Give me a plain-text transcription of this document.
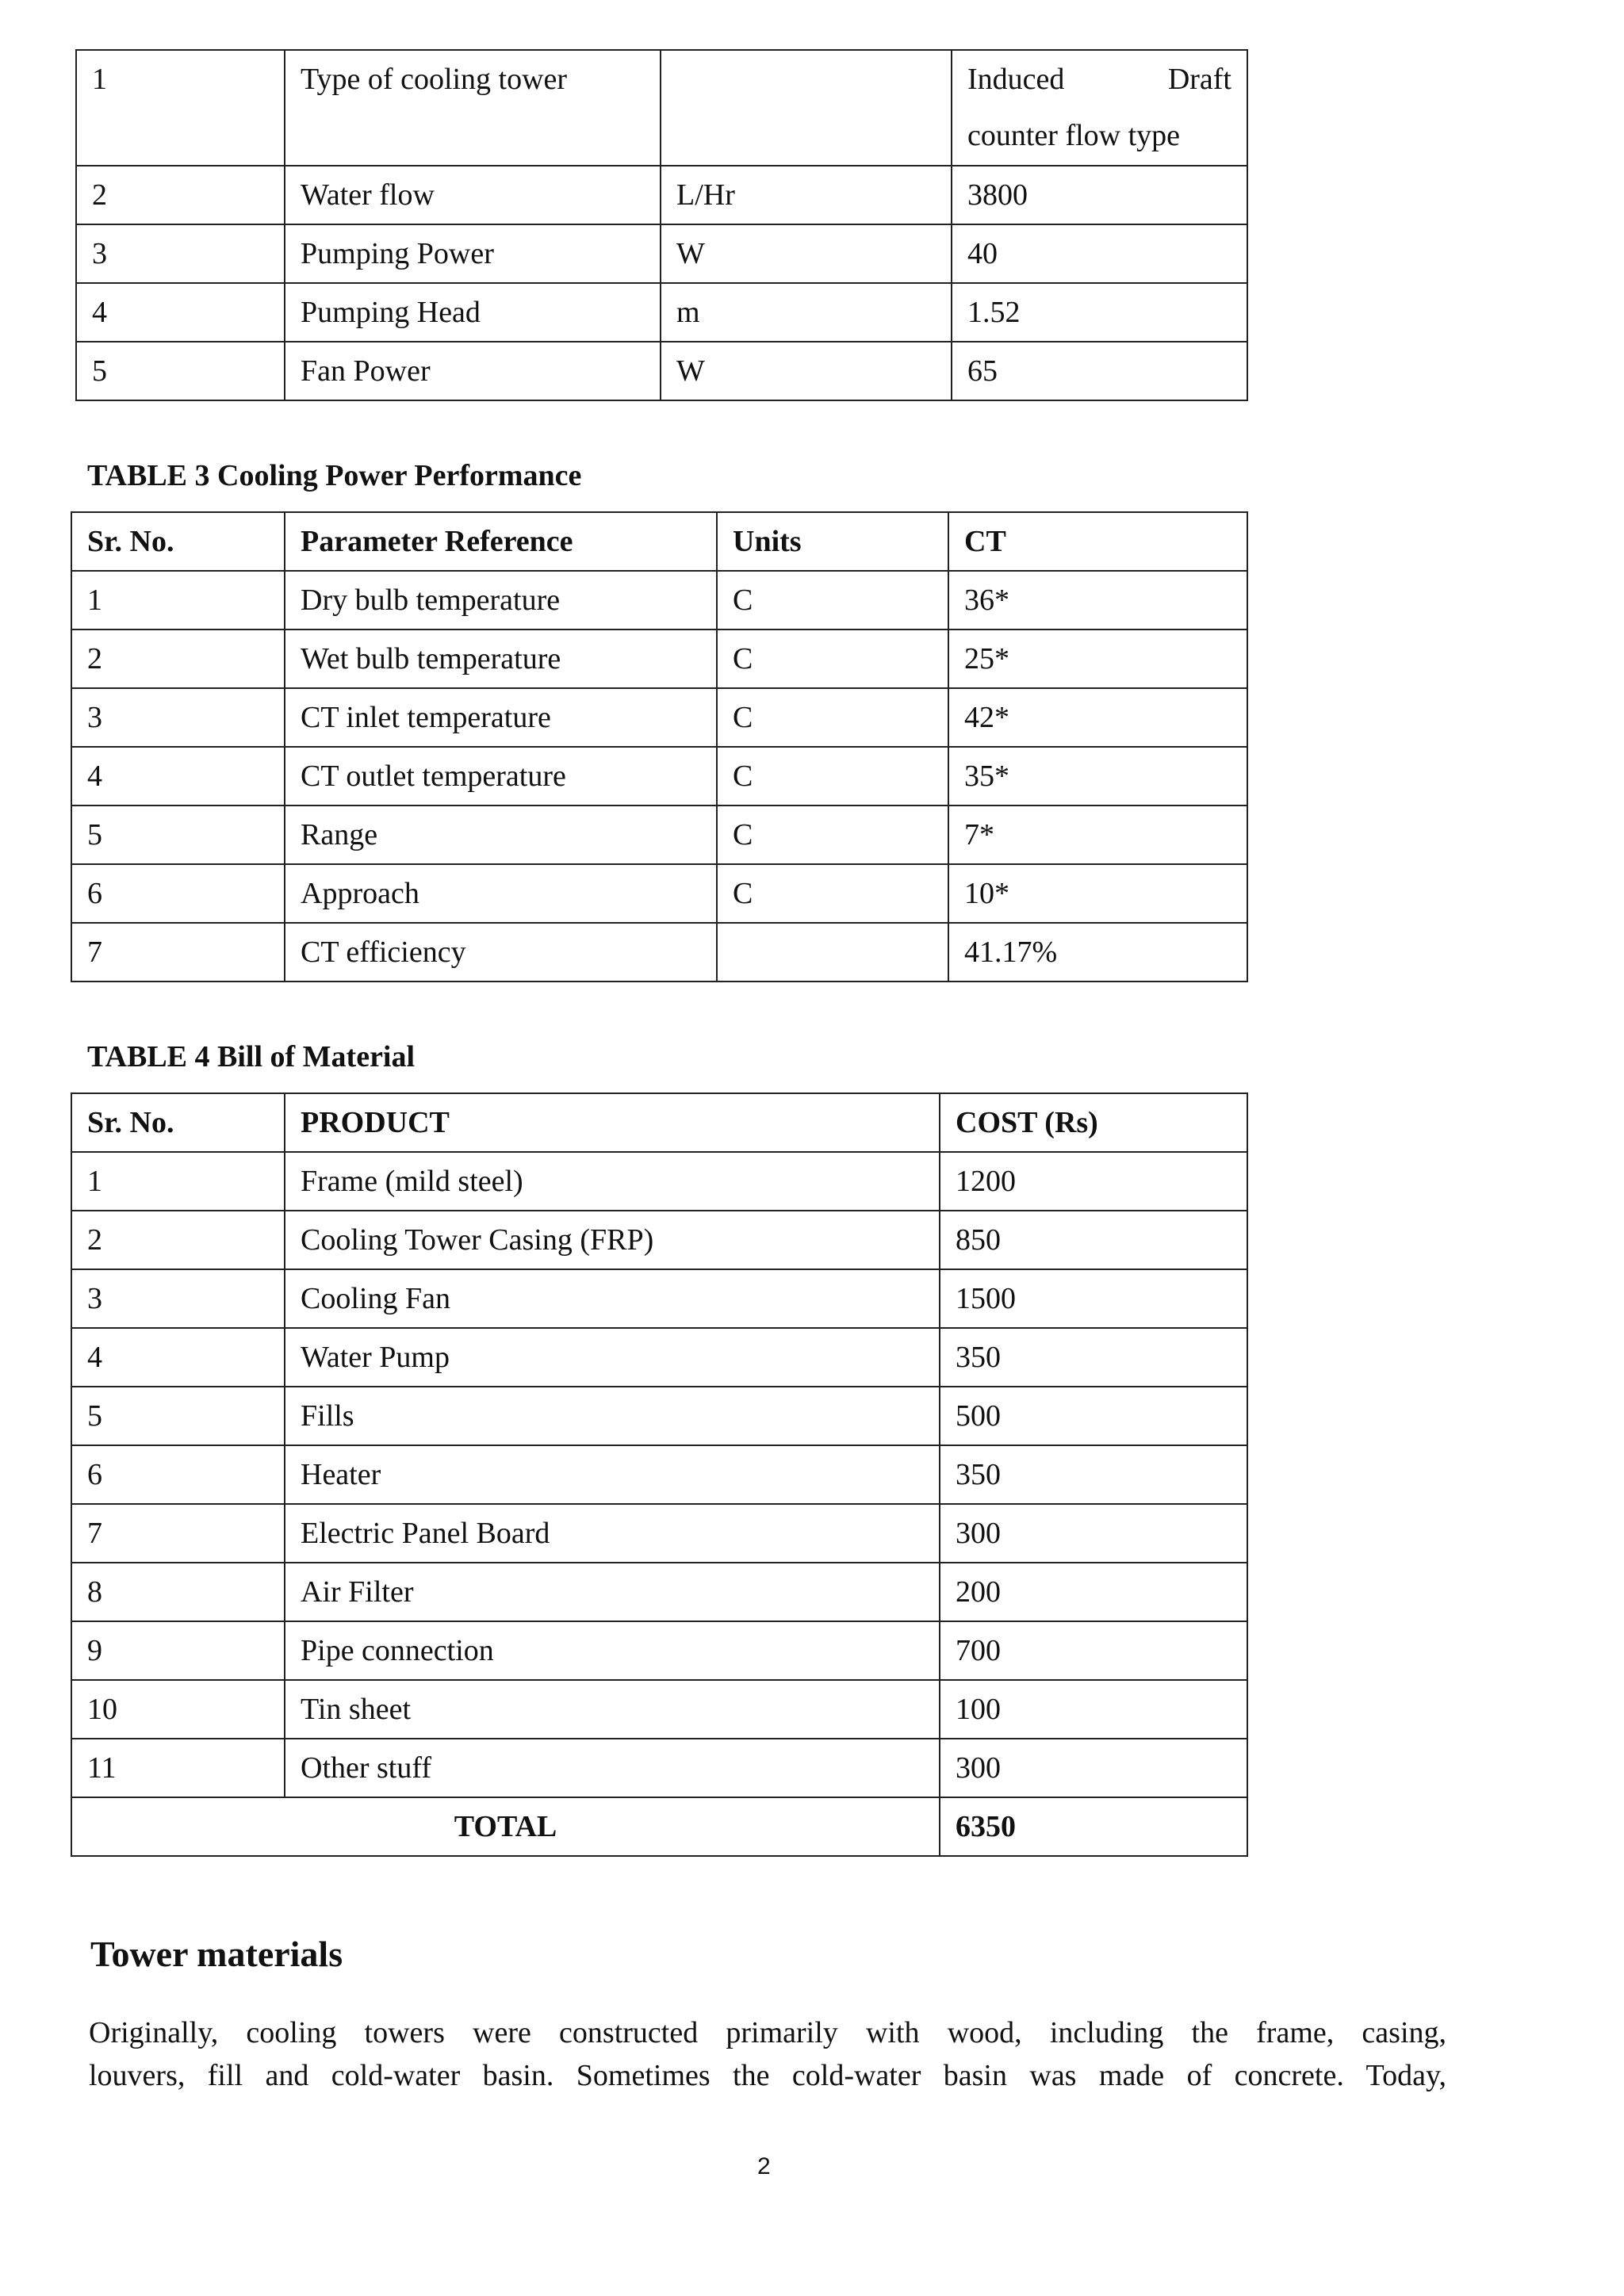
1	Type of cooling tower		Induced Draft
counter flow type

2	Water flow	L/Hr	3800
3	Pumping Power	W	40
4	Pumping Head	m	1.52
5	Fan Power	W	65
TABLE 3 Cooling Power Performance
Sr. No.	Parameter Reference	Units	CT
1	Dry bulb temperature	C	36*
2	Wet bulb temperature	C	25*
3	CT inlet temperature	C	42*
4	CT outlet temperature	C	35*
5	Range	C	7*
6	Approach	C	10*
7	CT efficiency		41.17%
TABLE 4 Bill of Material
Sr. No.	PRODUCT	COST (Rs)
1	Frame (mild steel)	1200
2	Cooling Tower Casing (FRP)	850
3	Cooling Fan	1500
4	Water Pump	350
5	Fills	500
6	Heater	350
7	Electric Panel Board	300
8	Air Filter	200
9	Pipe connection	700
10	Tin sheet	100
11	Other stuff	300
TOTAL		6350
Tower materials
Originally, cooling towers were constructed primarily with wood, including the frame, casing,
louvers, fill and cold-water basin. Sometimes the cold-water basin was made of concrete. Today,
2
